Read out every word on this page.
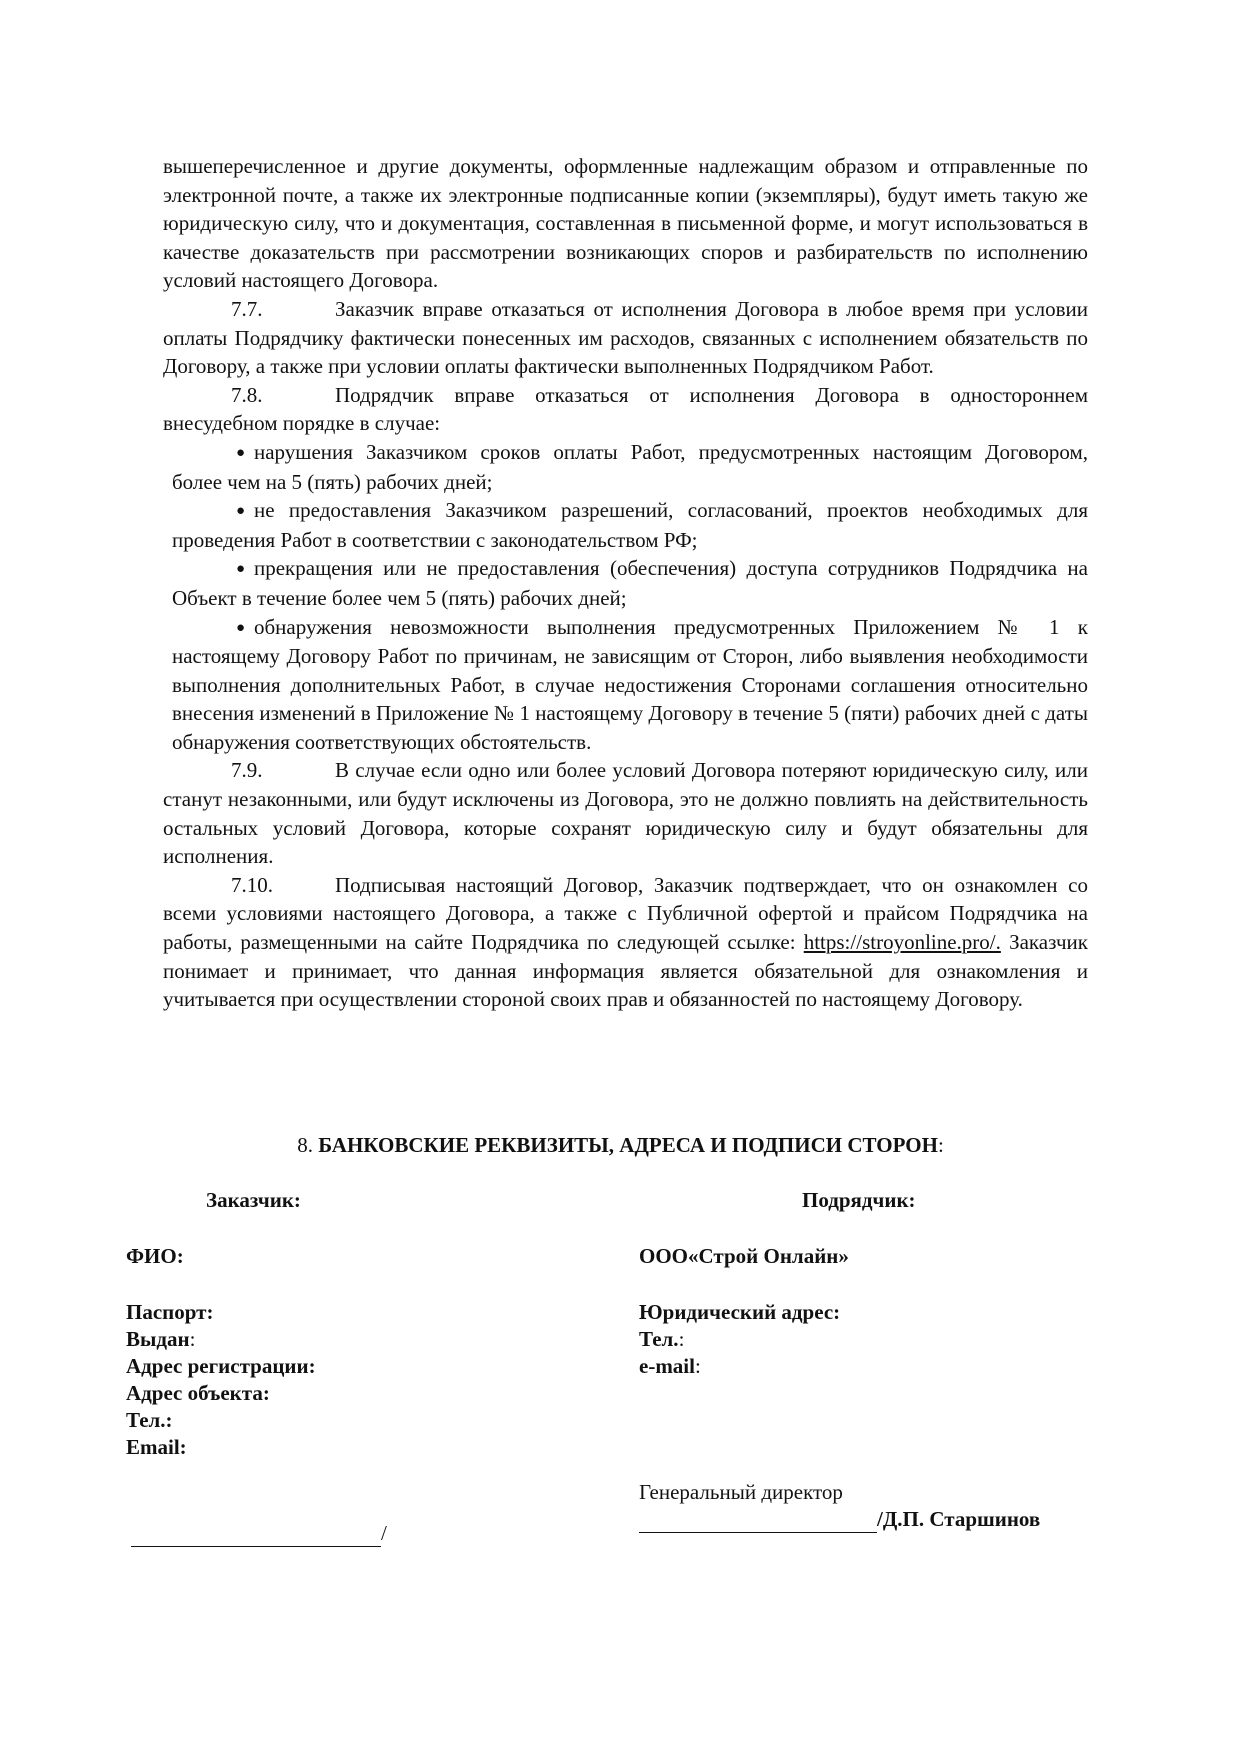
вышеперечисленное и другие документы, оформленные надлежащим образом и отправленные по электронной почте, а также их электронные подписанные копии (экземпляры), будут иметь такую же юридическую силу, что и документация, составленная в письменной форме, и могут использоваться в качестве доказательств при рассмотрении возникающих споров и разбирательств по исполнению условий настоящего Договора.

7.7.	Заказчик вправе отказаться от исполнения Договора в любое время при условии оплаты Подрядчику фактически понесенных им расходов, связанных с исполнением обязательств по Договору, а также при условии оплаты фактически выполненных Подрядчиком Работ.

7.8.	Подрядчик вправе отказаться от исполнения Договора в одностороннем внесудебном порядке в случае:

● нарушения Заказчиком сроков оплаты Работ, предусмотренных настоящим Договором, более чем на 5 (пять) рабочих дней;
● не предоставления Заказчиком разрешений, согласований, проектов необходимых для проведения Работ в соответствии с законодательством РФ;
● прекращения или не предоставления (обеспечения) доступа сотрудников Подрядчика на Объект в течение более чем 5 (пять) рабочих дней;
● обнаружения невозможности выполнения предусмотренных Приложением № 1 к настоящему Договору Работ по причинам, не зависящим от Сторон, либо выявления необходимости выполнения дополнительных Работ, в случае недостижения Сторонами соглашения относительно внесения изменений в Приложение № 1 настоящему Договору в течение 5 (пяти) рабочих дней с даты обнаружения соответствующих обстоятельств.

7.9.	В случае если одно или более условий Договора потеряют юридическую силу, или станут незаконными, или будут исключены из Договора, это не должно повлиять на действительность остальных условий Договора, которые сохранят юридическую силу и будут обязательны для исполнения.

7.10.	Подписывая настоящий Договор, Заказчик подтверждает, что он ознакомлен со всеми условиями настоящего Договора, а также с Публичной офертой и прайсом Подрядчика на работы, размещенными на сайте Подрядчика по следующей ссылке: https://stroyonline.pro/. Заказчик понимает и принимает, что данная информация является обязательной для ознакомления и учитывается при осуществлении стороной своих прав и обязанностей по настоящему Договору.

8. БАНКОВСКИЕ РЕКВИЗИТЫ, АДРЕСА И ПОДПИСИ СТОРОН:
Заказчик:
ФИО:
Паспорт:
Выдан:
Адрес регистрации:
Адрес объекта:
Тел.:
Email:
/
Подрядчик:
ООО«Строй Онлайн»
Юридический адрес:
Тел.:
e-mail:
Генеральный директор
/Д.П. Старшинов
